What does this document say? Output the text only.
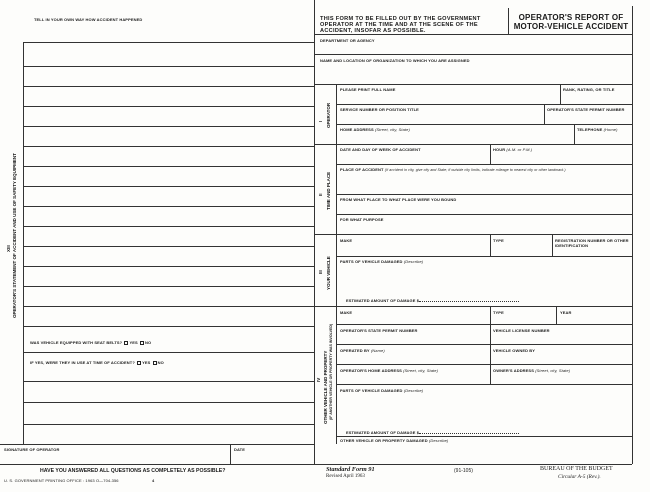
TELL IN YOUR OWN WAY HOW ACCIDENT HAPPENED
XIII OPERATOR'S STATEMENT OF ACCIDENT AND USE OF SAFETY EQUIPMENT
WAS VEHICLE EQUIPPED WITH SEAT BELTS? YES NO
IF YES, WERE THEY IN USE AT TIME OF ACCIDENT? YES NO
SIGNATURE OF OPERATOR	DATE
HAVE YOU ANSWERED ALL QUESTIONS AS COMPLETELY AS POSSIBLE?
U. S. GOVERNMENT PRINTING OFFICE : 1963 O—704-356	4
THIS FORM TO BE FILLED OUT BY THE GOVERNMENT OPERATOR AT THE TIME AND AT THE SCENE OF THE ACCIDENT, INSOFAR AS POSSIBLE.
OPERATOR'S REPORT OF MOTOR-VEHICLE ACCIDENT
DEPARTMENT OR AGENCY
NAME AND LOCATION OF ORGANIZATION TO WHICH YOU ARE ASSIGNED
I OPERATOR
PLEASE PRINT FULL NAME	RANK, RATING, OR TITLE
SERVICE NUMBER OR POSITION TITLE	OPERATOR'S STATE PERMIT NUMBER
HOME ADDRESS (Street, city, State)	TELEPHONE (Home)
II TIME AND PLACE
DATE AND DAY OF WEEK OF ACCIDENT	HOUR (A.M. or P.M.)
PLACE OF ACCIDENT (If accident in city, give city and State; if outside city limits, indicate mileage to nearest city or other landmark.)
FROM WHAT PLACE TO WHAT PLACE WERE YOU BOUND
FOR WHAT PURPOSE
III YOUR VEHICLE
MAKE	TYPE	REGISTRATION NUMBER OR OTHER IDENTIFICATION
PARTS OF VEHICLE DAMAGED (Describe)
ESTIMATED AMOUNT OF DAMAGE $
IV OTHER VEHICLE AND PROPERTY (IF ANOTHER VEHICLE OR PROPERTY WAS INVOLVED)
MAKE	TYPE	YEAR
OPERATOR'S STATE PERMIT NUMBER	VEHICLE LICENSE NUMBER
OPERATED BY (Name)	VEHICLE OWNED BY
OPERATOR'S HOME ADDRESS (Street, city, State)	OWNER'S ADDRESS (Street, city, State)
PARTS OF VEHICLE DAMAGED (Describe)
ESTIMATED AMOUNT OF DAMAGE $
OTHER VEHICLE OR PROPERTY DAMAGED (Describe)
Standard Form 91
Revised April 1963
(91-105)	BUREAU OF THE BUDGET
Circular A-5 (Rev.).
